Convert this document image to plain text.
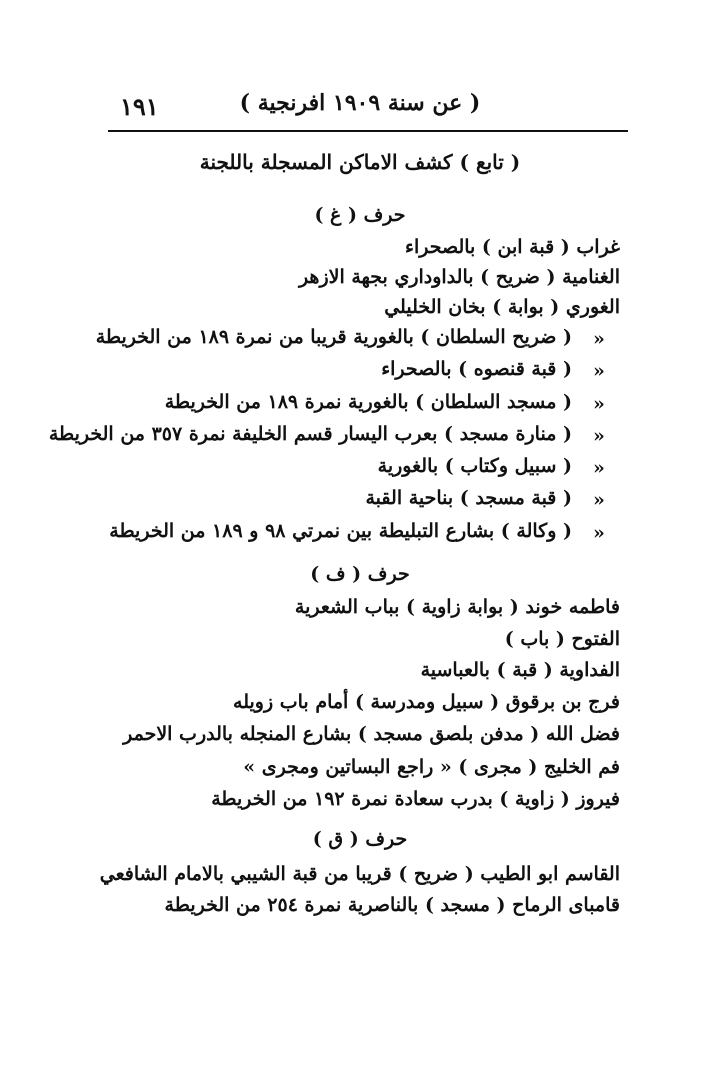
( عن سنة ۱۹۰۹ افرنجية )
۱۹۱
( تابع ) كشف الاماكن المسجلة باللجنة
حرف ( غ )
غراب ( قبة ابن ) بالصحراء
الغنامية ( ضريح ) بالداوداري بجهة الازهر
الغوري ( بوابة ) بخان الخليلي
»
( ضريح السلطان ) بالغورية قريبا من نمرة ۱۸۹ من الخريطة
»
( قبة قنصوه ) بالصحراء
»
( مسجد السلطان ) بالغورية نمرة ۱۸۹ من الخريطة
»
( منارة مسجد ) بعرب اليسار قسم الخليفة نمرة ۳٥۷ من الخريطة
»
( سبيل وكتاب ) بالغورية
»
( قبة مسجد ) بناحية القبة
»
( وكالة ) بشارع التبليطة بين نمرتي ۹۸ و ۱۸۹ من الخريطة
حرف ( ف )
فاطمه خوند ( بوابة زاوية ) بباب الشعرية
الفتوح ( باب )
الفداوية ( قبة ) بالعباسية
فرج بن برقوق ( سبيل ومدرسة ) أمام باب زويله
فضل الله ( مدفن بلصق مسجد ) بشارع المنجله بالدرب الاحمر
فم الخليج ( مجرى ) « راجع البساتين ومجرى »
فيروز ( زاوية ) بدرب سعادة نمرة ۱۹۲ من الخريطة
حرف ( ق )
القاسم ابو الطيب ( ضريح ) قريبا من قبة الشيبي بالامام الشافعي
قامباى الرماح ( مسجد ) بالناصرية نمرة ۲٥٤ من الخريطة
